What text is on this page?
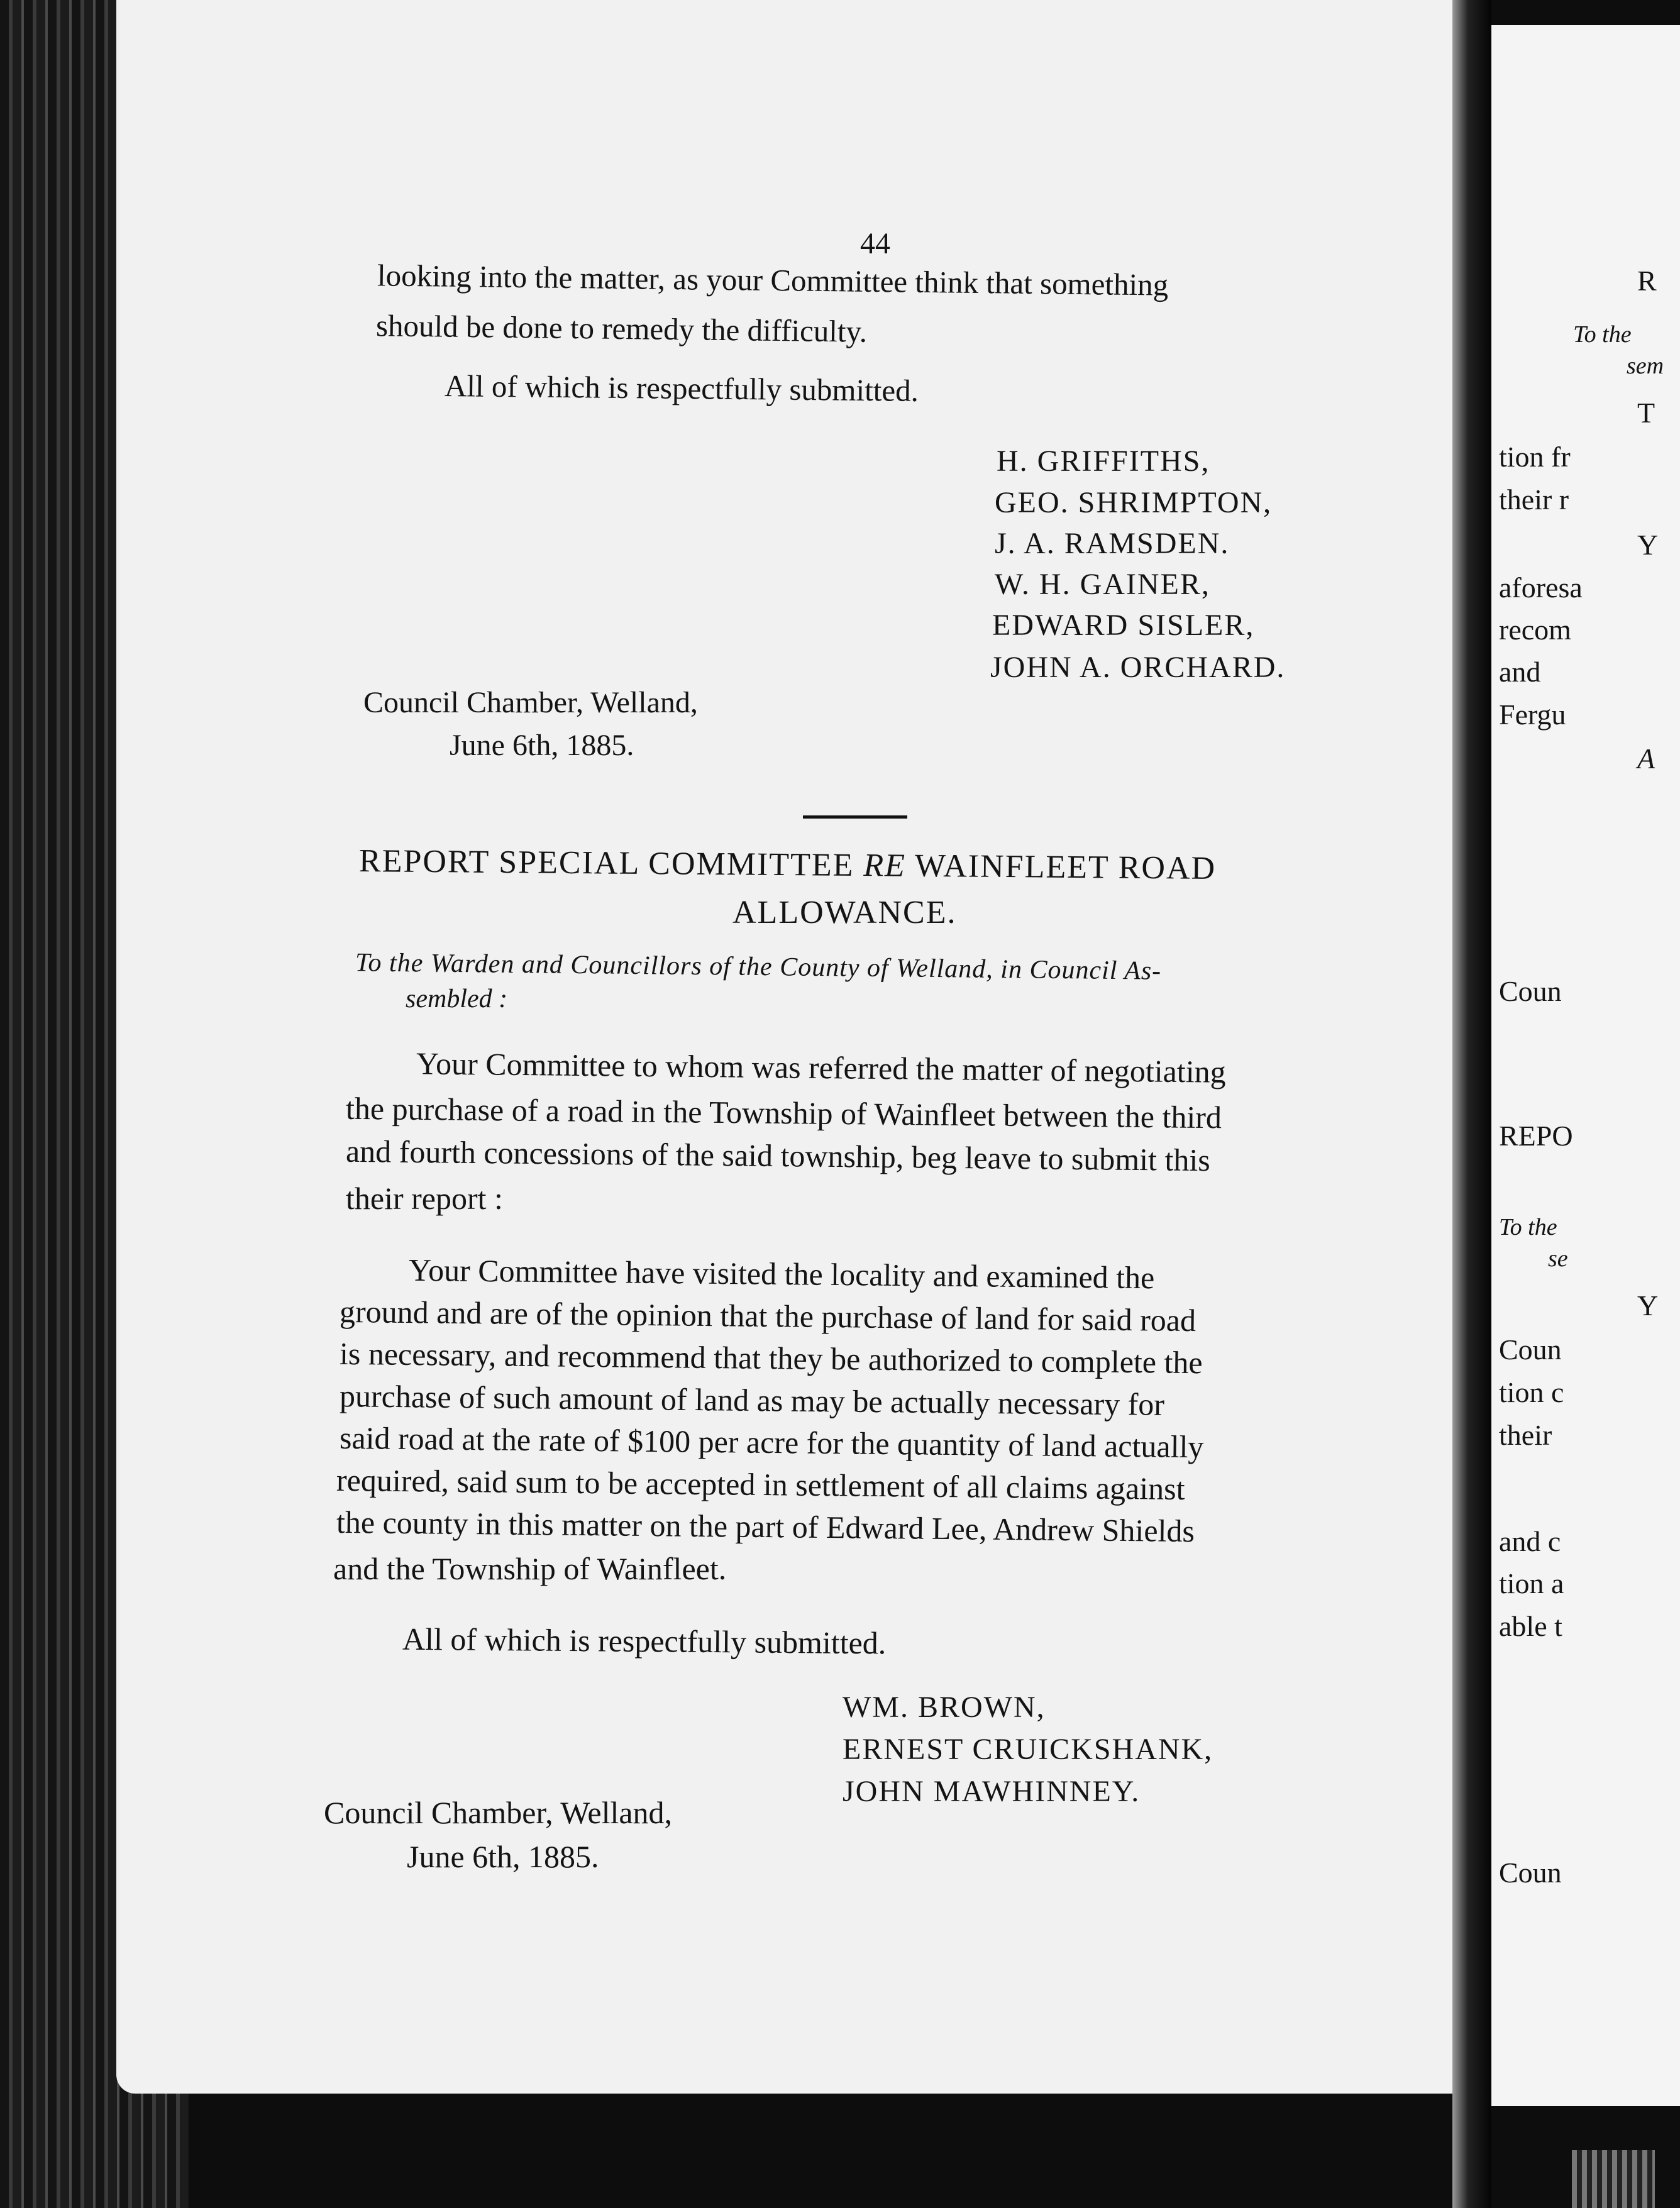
44
looking into the matter, as your Committee think that something
should be done to remedy the difficulty.
All of which is respectfully submitted.
H. GRIFFITHS,
GEO. SHRIMPTON,
J. A. RAMSDEN.
W. H. GAINER,
EDWARD SISLER,
JOHN A. ORCHARD.
Council Chamber, Welland,
June 6th, 1885.
REPORT SPECIAL COMMITTEE RE WAINFLEET ROAD
ALLOWANCE.
To the Warden and Councillors of the County of Welland, in Council As-
sembled :
Your Committee to whom was referred the matter of negotiating
the purchase of a road in the Township of Wainfleet between the third
and fourth concessions of the said township, beg leave to submit this
their report :
Your Committee have visited the locality and examined the
ground and are of the opinion that the purchase of land for said road
is necessary, and recommend that they be authorized to complete the
purchase of such amount of land as may be actually necessary for
said road at the rate of $100 per acre for the quantity of land actually
required, said sum to be accepted in settlement of all claims against
the county in this matter on the part of Edward Lee, Andrew Shields
and the Township of Wainfleet.
All of which is respectfully submitted.
WM. BROWN,
ERNEST CRUICKSHANK,
JOHN MAWHINNEY.
Council Chamber, Welland,
June 6th, 1885.
R
To the
sem
T
tion fr
their r
Y
aforesa
recom
and
Fergu
A
Coun
REPO
To the
se
Y
Coun
tion c
their
and c
tion a
able t
Coun
